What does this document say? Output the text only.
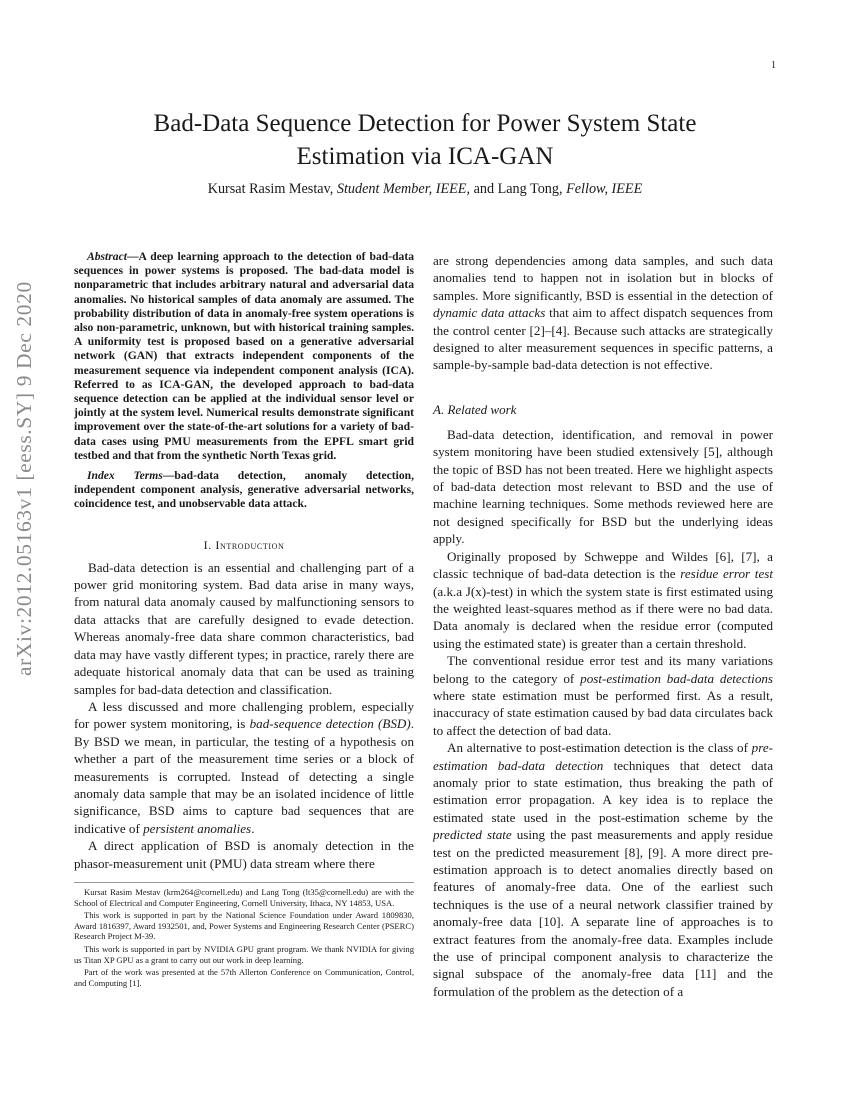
1
arXiv:2012.05163v1 [eess.SY] 9 Dec 2020
Bad-Data Sequence Detection for Power System State
Estimation via ICA-GAN
Kursat Rasim Mestav, Student Member, IEEE, and Lang Tong, Fellow, IEEE

Abstract—A deep learning approach to the detection of bad-data sequences in power systems is proposed. The bad-data model is nonparametric that includes arbitrary natural and adversarial data anomalies. No historical samples of data anomaly are assumed. The probability distribution of data in anomaly-free system operations is also non-parametric, unknown, but with historical training samples. A uniformity test is proposed based on a generative adversarial network (GAN) that extracts independent components of the measurement sequence via independent component analysis (ICA). Referred to as ICA-GAN, the developed approach to bad-data sequence detection can be applied at the individual sensor level or jointly at the system level. Numerical results demonstrate significant improvement over the state-of-the-art solutions for a variety of bad-data cases using PMU measurements from the EPFL smart grid testbed and that from the synthetic North Texas grid.

Index Terms—bad-data detection, anomaly detection, independent component analysis, generative adversarial networks, coincidence test, and unobservable data attack.

I. Introduction

Bad-data detection is an essential and challenging part of a power grid monitoring system. Bad data arise in many ways, from natural data anomaly caused by malfunctioning sensors to data attacks that are carefully designed to evade detection. Whereas anomaly-free data share common characteristics, bad data may have vastly different types; in practice, rarely there are adequate historical anomaly data that can be used as training samples for bad-data detection and classification.

A less discussed and more challenging problem, especially for power system monitoring, is bad-sequence detection (BSD). By BSD we mean, in particular, the testing of a hypothesis on whether a part of the measurement time series or a block of measurements is corrupted. Instead of detecting a single anomaly data sample that may be an isolated incidence of little significance, BSD aims to capture bad sequences that are indicative of persistent anomalies.

A direct application of BSD is anomaly detection in the phasor-measurement unit (PMU) data stream where there

are strong dependencies among data samples, and such data anomalies tend to happen not in isolation but in blocks of samples. More significantly, BSD is essential in the detection of dynamic data attacks that aim to affect dispatch sequences from the control center [2]–[4]. Because such attacks are strategically designed to alter measurement sequences in specific patterns, a sample-by-sample bad-data detection is not effective.

A. Related work

Bad-data detection, identification, and removal in power system monitoring have been studied extensively [5], although the topic of BSD has not been treated. Here we highlight aspects of bad-data detection most relevant to BSD and the use of machine learning techniques. Some methods reviewed here are not designed specifically for BSD but the underlying ideas apply.

Originally proposed by Schweppe and Wildes [6], [7], a classic technique of bad-data detection is the residue error test (a.k.a J(x)-test) in which the system state is first estimated using the weighted least-squares method as if there were no bad data. Data anomaly is declared when the residue error (computed using the estimated state) is greater than a certain threshold.

The conventional residue error test and its many variations belong to the category of post-estimation bad-data detections where state estimation must be performed first. As a result, inaccuracy of state estimation caused by bad data circulates back to affect the detection of bad data.

An alternative to post-estimation detection is the class of pre-estimation bad-data detection techniques that detect data anomaly prior to state estimation, thus breaking the path of estimation error propagation. A key idea is to replace the estimated state used in the post-estimation scheme by the predicted state using the past measurements and apply residue test on the predicted measurement [8], [9]. A more direct pre-estimation approach is to detect anomalies directly based on features of anomaly-free data. One of the earliest such techniques is the use of a neural network classifier trained by anomaly-free data [10]. A separate line of approaches is to extract features from the anomaly-free data. Examples include the use of principal component analysis to characterize the signal subspace of the anomaly-free data [11] and the formulation of the problem as the detection of a

Kursat Rasim Mestav (krm264@cornell.edu) and Lang Tong (lt35@cornell.edu) are with the School of Electrical and Computer Engineering, Cornell University, Ithaca, NY 14853, USA.

This work is supported in part by the National Science Foundation under Award 1809830, Award 1816397, Award 1932501, and, Power Systems and Engineering Research Center (PSERC) Research Project M-39.

This work is supported in part by NVIDIA GPU grant program. We thank NVIDIA for giving us Titan XP GPU as a grant to carry out our work in deep learning.

Part of the work was presented at the 57th Allerton Conference on Communication, Control, and Computing [1].
